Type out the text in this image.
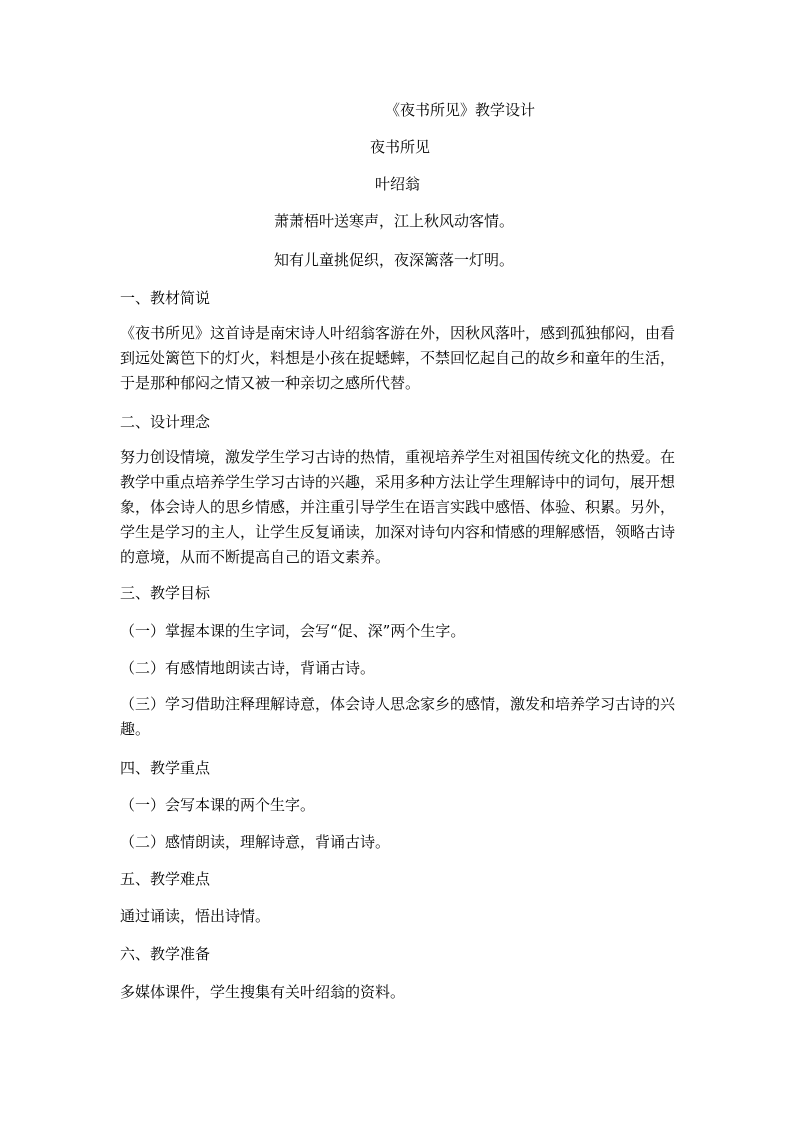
《夜书所见》教学设计
夜书所见
叶绍翁
萧萧梧叶送寒声，江上秋风动客情。
知有儿童挑促织，夜深篱落一灯明。
一、教材简说
《夜书所见》这首诗是南宋诗人叶绍翁客游在外，因秋风落叶，感到孤独郁闷，由看到远处篱笆下的灯火，料想是小孩在捉蟋蟀，不禁回忆起自己的故乡和童年的生活，于是那种郁闷之情又被一种亲切之感所代替。
二、设计理念
努力创设情境，激发学生学习古诗的热情，重视培养学生对祖国传统文化的热爱。在教学中重点培养学生学习古诗的兴趣，采用多种方法让学生理解诗中的词句，展开想象，体会诗人的思乡情感，并注重引导学生在语言实践中感悟、体验、积累。另外，学生是学习的主人，让学生反复诵读，加深对诗句内容和情感的理解感悟，领略古诗的意境，从而不断提高自己的语文素养。
三、教学目标
（一）掌握本课的生字词，会写“促、深”两个生字。
（二）有感情地朗读古诗，背诵古诗。
（三）学习借助注释理解诗意，体会诗人思念家乡的感情，激发和培养学习古诗的兴趣。
四、教学重点
（一）会写本课的两个生字。
（二）感情朗读，理解诗意，背诵古诗。
五、教学难点
通过诵读，悟出诗情。
六、教学准备
多媒体课件，学生搜集有关叶绍翁的资料。
